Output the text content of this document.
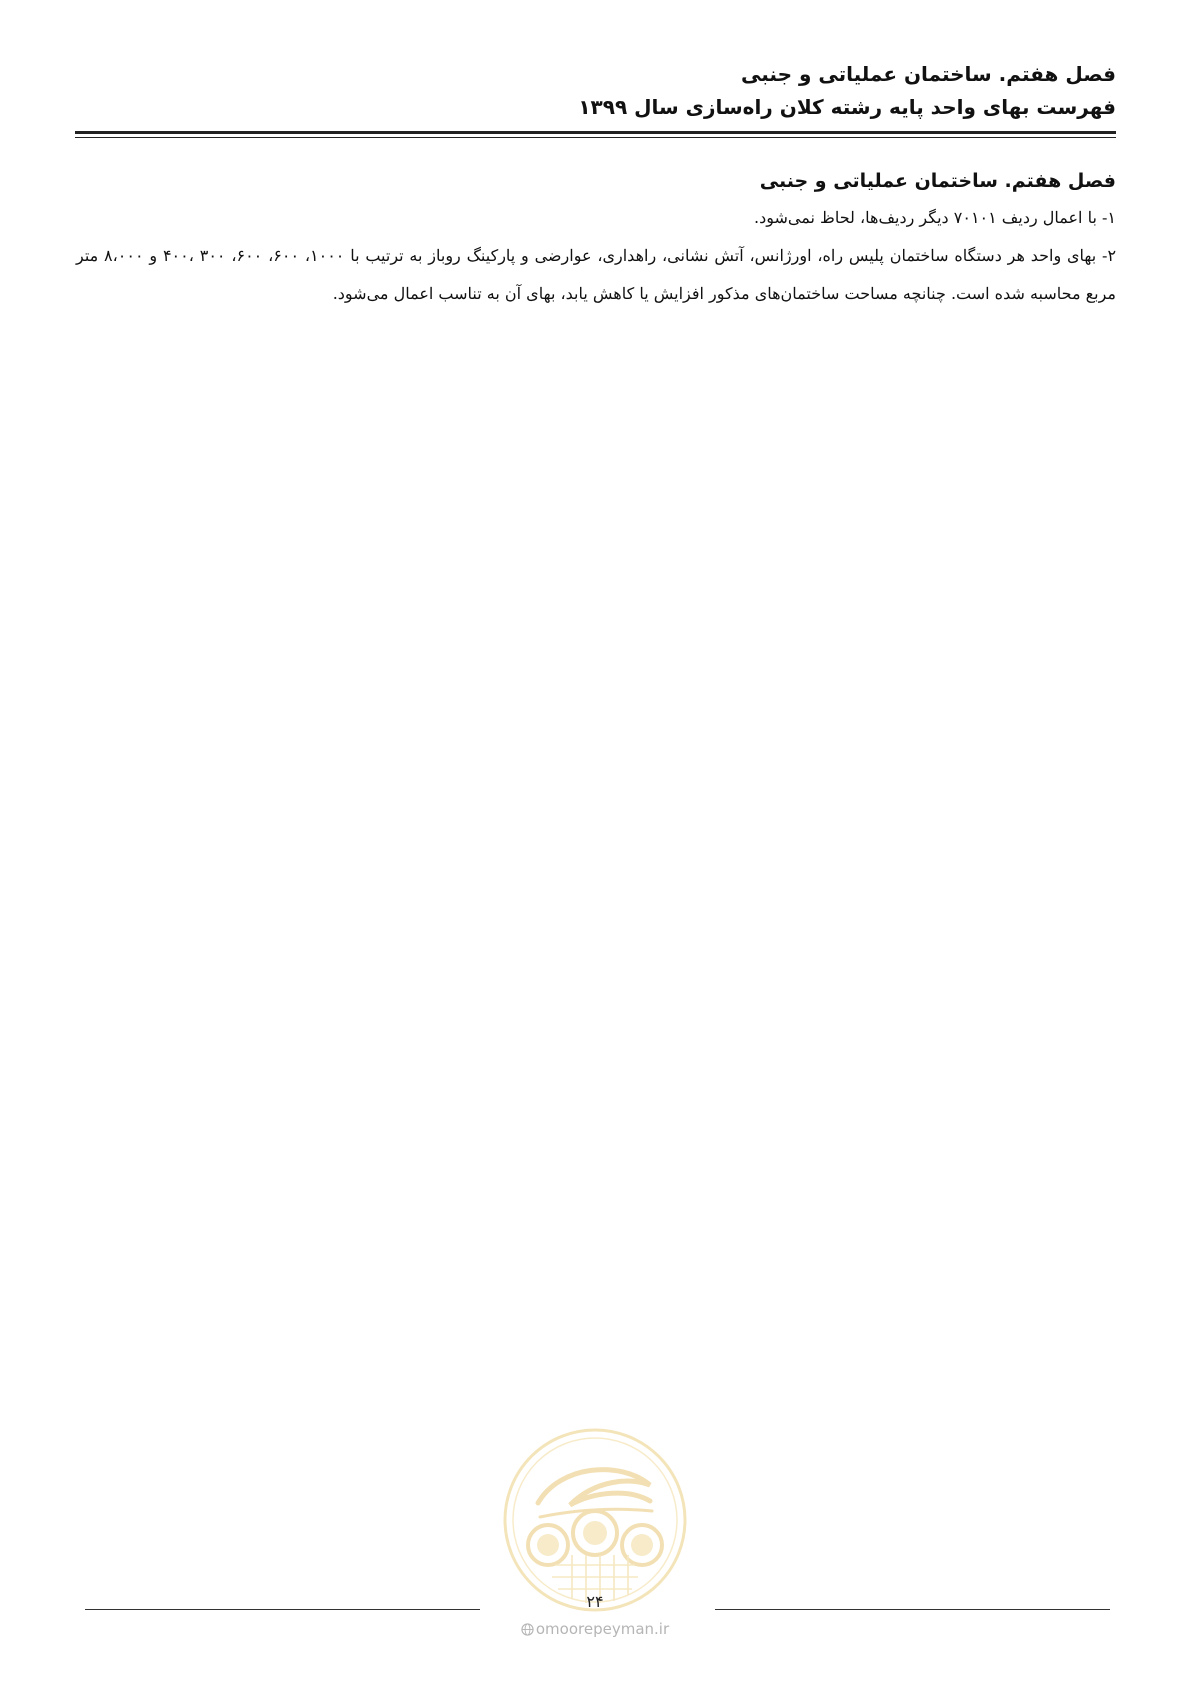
فصل هفتم. ساختمان عملیاتی و جنبی
فهرست بهای واحد پایه رشته کلان راه‌سازی سال ۱۳۹۹
فصل هفتم. ساختمان عملیاتی و جنبی

۱- با اعمال ردیف ۷۰۱۰۱ دیگر ردیف‌ها، لحاظ نمی‌شود.

۲- بهای واحد هر دستگاه ساختمان پلیس راه، اورژانس، آتش نشانی، راهداری، عوارضی و پارکینگ روباز به ترتیب با ۱۰۰۰، ۶۰۰، ۶۰۰، ۳۰۰ ،۴۰۰ و ۸،۰۰۰ متر مربع محاسبه شده است. چنانچه مساحت ساختمان‌های مذکور افزایش یا کاهش یابد، بهای آن به تناسب اعمال می‌شود.

۲۴
omoorepeyman.ir
